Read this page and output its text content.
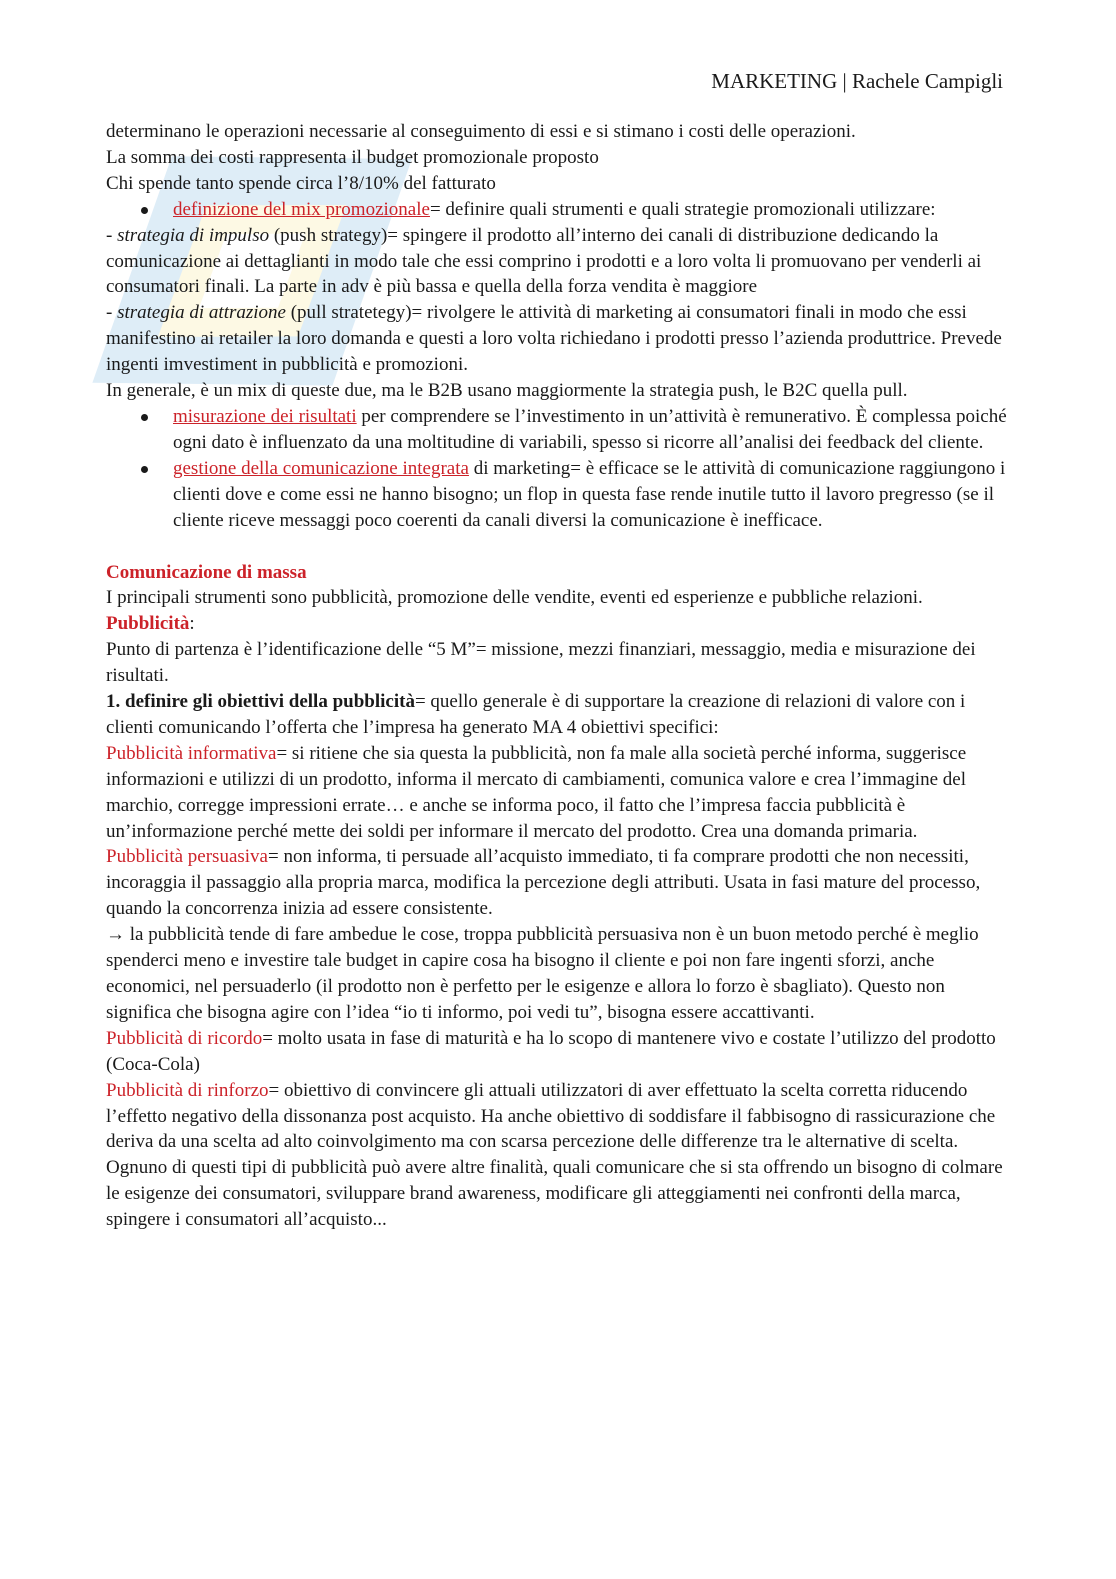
MARKETING | Rachele Campigli

determinano le operazioni necessarie al conseguimento di essi e si stimano i costi delle operazioni.

La somma dei costi rappresenta il budget promozionale proposto

Chi spende tanto spende circa l’8/10% del fatturato

definizione del mix promozionale= definire quali strumenti e quali strategie promozionali utilizzare:

- strategia di impulso (push strategy)= spingere il prodotto all’interno dei canali di distribuzione dedicando la comunicazione ai dettaglianti in modo tale che essi comprino i prodotti e a loro volta li promuovano per venderli ai consumatori finali. La parte in adv è più bassa e quella della forza vendita è maggiore

- strategia di attrazione (pull stratetegy)= rivolgere le attività di marketing ai consumatori finali in modo che essi manifestino ai retailer la loro domanda e questi a loro volta richiedano i prodotti presso l’azienda produttrice. Prevede ingenti imvestiment in pubblicità e promozioni.

In generale, è un mix di queste due, ma le B2B usano maggiormente la strategia push, le B2C quella pull.

misurazione dei risultati per comprendere se l’investimento in un’attività è remunerativo. È complessa poiché ogni dato è influenzato da una moltitudine di variabili, spesso si ricorre all’analisi dei feedback del cliente.

gestione della comunicazione integrata di marketing= è efficace se le attività di comunicazione raggiungono i clienti dove e come essi ne hanno bisogno; un flop in questa fase rende inutile tutto il lavoro pregresso (se il cliente riceve messaggi poco coerenti da canali diversi la comunicazione è inefficace.

Comunicazione di massa

I principali strumenti sono pubblicità, promozione delle vendite, eventi ed esperienze e pubbliche relazioni. Pubblicità:

Punto di partenza è l’identificazione delle “5 M”= missione, mezzi finanziari, messaggio, media e misurazione dei risultati.

1. definire gli obiettivi della pubblicità= quello generale è di supportare la creazione di relazioni di valore con i clienti comunicando l’offerta che l’impresa ha generato MA 4 obiettivi specifici:

Pubblicità informativa= si ritiene che sia questa la pubblicità, non fa male alla società perché informa, suggerisce informazioni e utilizzi di un prodotto, informa il mercato di cambiamenti, comunica valore e crea l’immagine del marchio, corregge impressioni errate… e anche se informa poco, il fatto che l’impresa faccia pubblicità è un’informazione perché mette dei soldi per informare il mercato del prodotto. Crea una domanda primaria.

Pubblicità persuasiva= non informa, ti persuade all’acquisto immediato, ti fa comprare prodotti che non necessiti, incoraggia il passaggio alla propria marca, modifica la percezione degli attributi. Usata in fasi mature del processo, quando la concorrenza inizia ad essere consistente.

→ la pubblicità tende di fare ambedue le cose, troppa pubblicità persuasiva non è un buon metodo perché è meglio spenderci meno e investire tale budget in capire cosa ha bisogno il cliente e poi non fare ingenti sforzi, anche economici, nel persuaderlo (il prodotto non è perfetto per le esigenze e allora lo forzo è sbagliato). Questo non significa che bisogna agire con l’idea “io ti informo, poi vedi tu”, bisogna essere accattivanti.

Pubblicità di ricordo= molto usata in fase di maturità e ha lo scopo di mantenere vivo e costate l’utilizzo del prodotto (Coca-Cola)

Pubblicità di rinforzo= obiettivo di convincere gli attuali utilizzatori di aver effettuato la scelta corretta riducendo l’effetto negativo della dissonanza post acquisto. Ha anche obiettivo di soddisfare il fabbisogno di rassicurazione che deriva da una scelta ad alto coinvolgimento ma con scarsa percezione delle differenze tra le alternative di scelta.

Ognuno di questi tipi di pubblicità può avere altre finalità, quali comunicare che si sta offrendo un bisogno di colmare le esigenze dei consumatori, sviluppare brand awareness, modificare gli atteggiamenti nei confronti della marca, spingere i consumatori all’acquisto...
